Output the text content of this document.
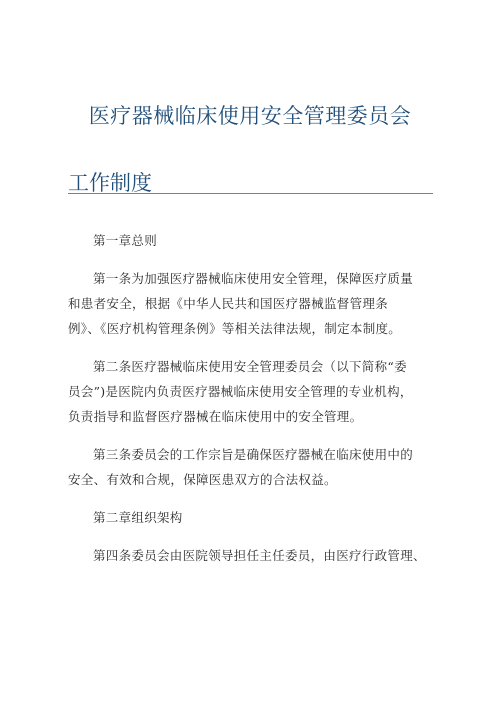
医疗器械临床使用安全管理委员会
工作制度
第一章总则
第一条为加强医疗器械临床使用安全管理，保障医疗质量
和患者安全，根据《中华人民共和国医疗器械监督管理条
例》、《医疗机构管理条例》等相关法律法规，制定本制度。
第二条医疗器械临床使用安全管理委员会（以下简称“委
员会”)是医院内负责医疗器械临床使用安全管理的专业机构，
负责指导和监督医疗器械在临床使用中的安全管理。
第三条委员会的工作宗旨是确保医疗器械在临床使用中的
安全、有效和合规，保障医患双方的合法权益。
第二章组织架构
第四条委员会由医院领导担任主任委员，由医疗行政管理、
